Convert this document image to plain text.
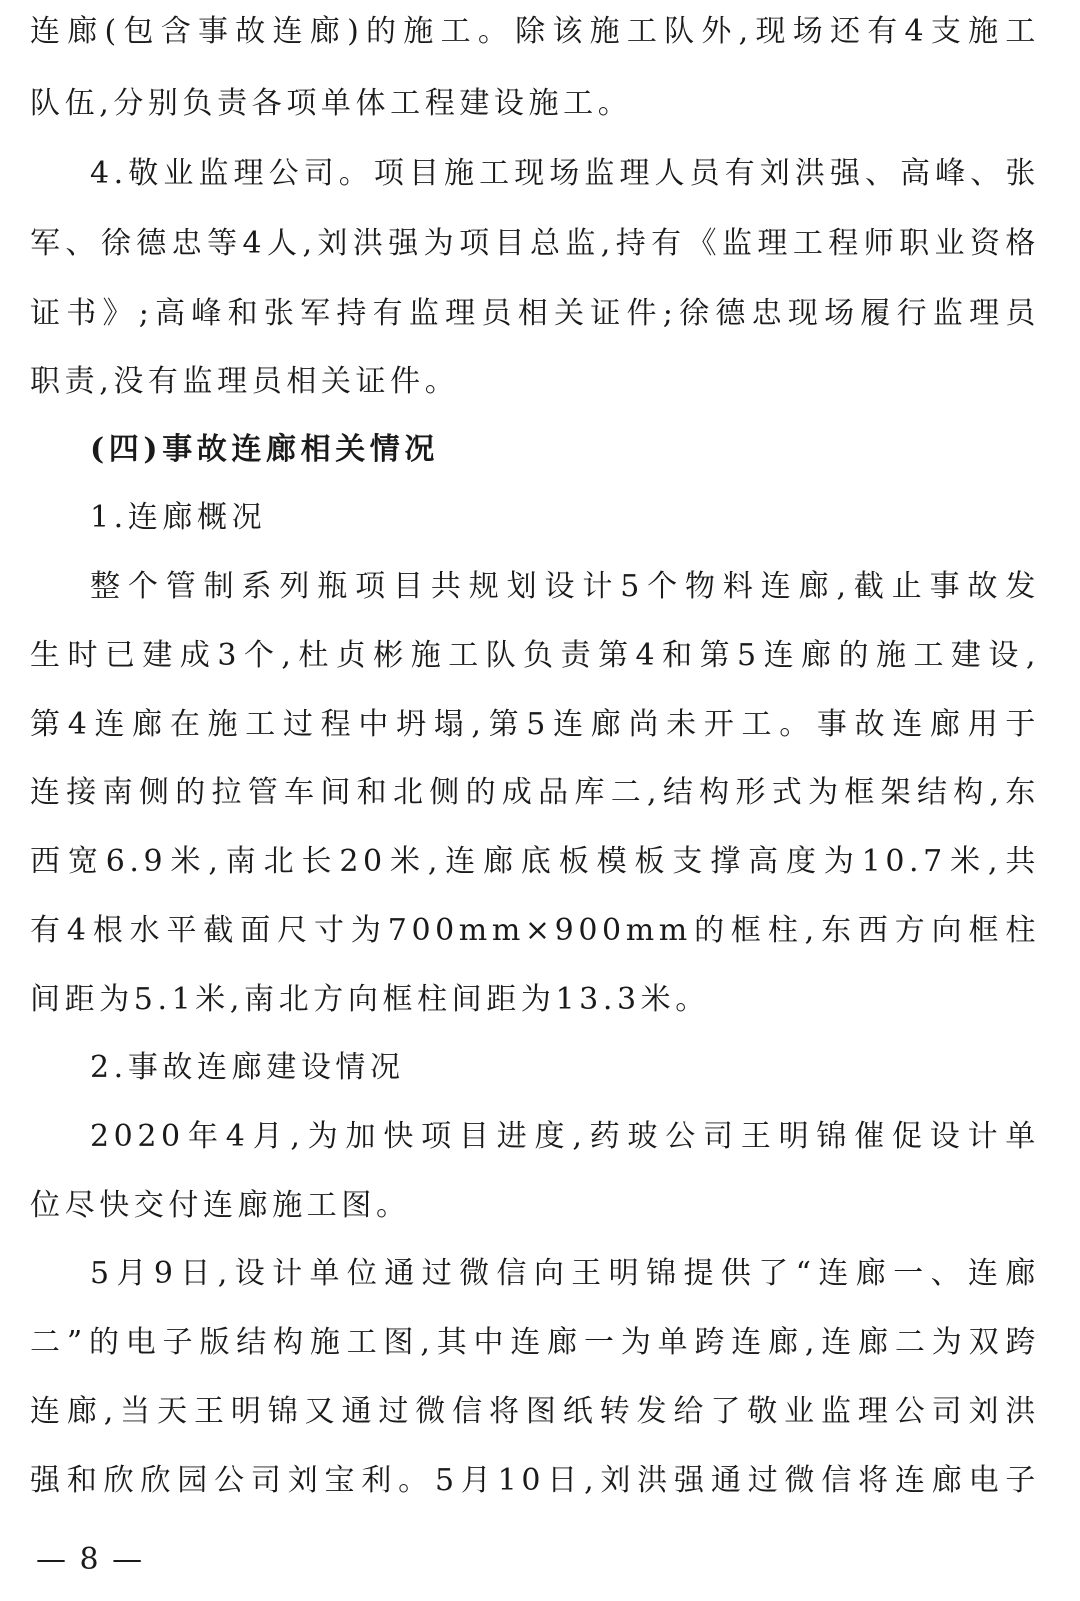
连廊(包含事故连廊)的施工。除该施工队外,现场还有4支施工
队伍,分别负责各项单体工程建设施工。
4.敬业监理公司。项目施工现场监理人员有刘洪强、高峰、张
军、徐德忠等4人,刘洪强为项目总监,持有《监理工程师职业资格
证书》;高峰和张军持有监理员相关证件;徐德忠现场履行监理员
职责,没有监理员相关证件。
(四)事故连廊相关情况
1.连廊概况
整个管制系列瓶项目共规划设计5个物料连廊,截止事故发
生时已建成3个,杜贞彬施工队负责第4和第5连廊的施工建设,
第4连廊在施工过程中坍塌,第5连廊尚未开工。事故连廊用于
连接南侧的拉管车间和北侧的成品库二,结构形式为框架结构,东
西宽6.9米,南北长20米,连廊底板模板支撑高度为10.7米,共
有4根水平截面尺寸为700mm×900mm的框柱,东西方向框柱
间距为5.1米,南北方向框柱间距为13.3米。
2.事故连廊建设情况
2020年4月,为加快项目进度,药玻公司王明锦催促设计单
位尽快交付连廊施工图。
5月9日,设计单位通过微信向王明锦提供了“连廊一、连廊
二”的电子版结构施工图,其中连廊一为单跨连廊,连廊二为双跨
连廊,当天王明锦又通过微信将图纸转发给了敬业监理公司刘洪
强和欣欣园公司刘宝利。5月10日,刘洪强通过微信将连廊电子
— 8 —
